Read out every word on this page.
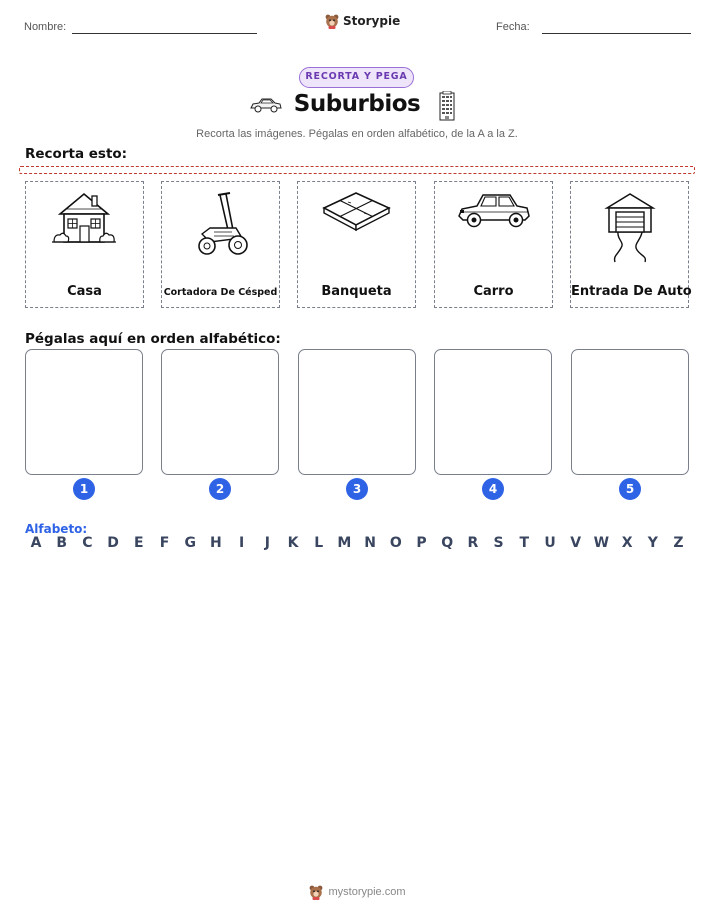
Nombre:	Storypie	Fecha:
RECORTA Y PEGA
Suburbios
Recorta las imágenes. Pégalas en orden alfabético, de la A a la Z.
Recorta esto:
Casa	Cortadora De Césped	Banqueta	Carro	Entrada De Auto
Pégalas aquí en orden alfabético:
1	2	3	4	5
Alfabeto:
A	B	C	D	E	F	G	H	I	J	K	L	M N O	P	Q	R	S	T	U	V W X	Y	Z
mystorypie.com
